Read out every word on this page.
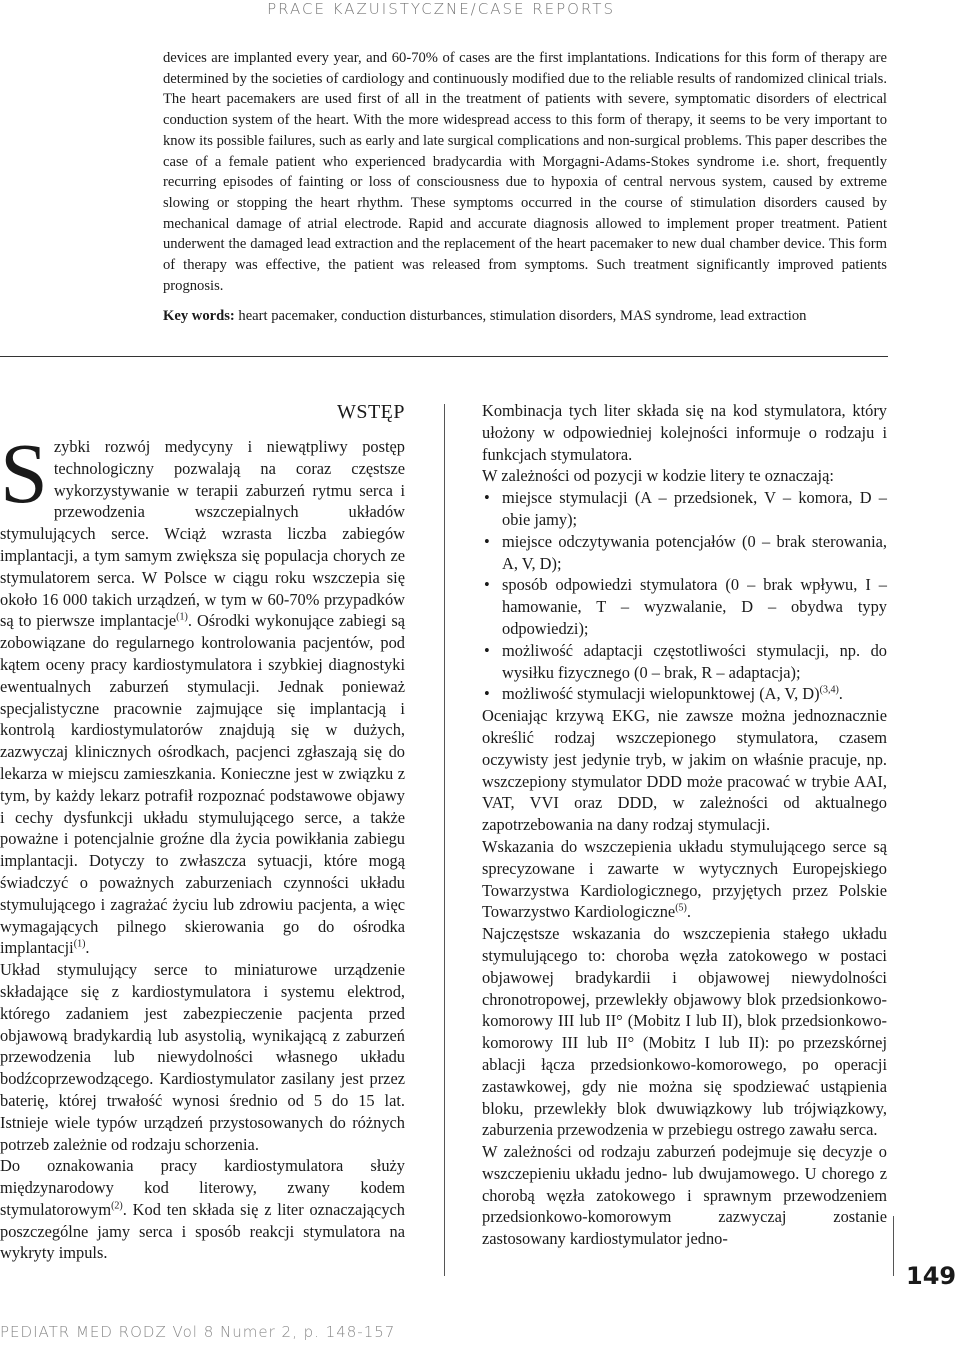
PRACE KAZUISTYCZNE/CASE REPORTS

devices are implanted every year, and 60-70% of cases are the first implantations. Indications for this form of therapy are determined by the societies of cardiology and continuously modified due to the reliable results of randomized clinical trials. The heart pacemakers are used first of all in the treatment of patients with severe, symptomatic disorders of electrical conduction system of the heart. With the more widespread access to this form of therapy, it seems to be very important to know its possible failures, such as early and late surgical complications and non-surgical problems. This paper describes the case of a female patient who experienced bradycardia with Morgagni-Adams-Stokes syndrome i.e. short, frequently recurring episodes of fainting or loss of consciousness due to hypoxia of central nervous system, caused by extreme slowing or stopping the heart rhythm. These symptoms occurred in the course of stimulation disorders caused by mechanical damage of atrial electrode. Rapid and accurate diagnosis allowed to implement proper treatment. Patient underwent the damaged lead extraction and the replacement of the heart pacemaker to new dual chamber device. This form of therapy was effective, the patient was released from symptoms. Such treatment significantly improved patients prognosis.

Key words: heart pacemaker, conduction disturbances, stimulation disorders, MAS syndrome, lead extraction

WSTĘP

Szybki rozwój medycyny i niewątpliwy postęp technologiczny pozwalają na coraz częstsze wykorzystywanie w terapii zaburzeń rytmu serca i przewodzenia wszczepialnych układów stymulujących serce. Wciąż wzrasta liczba zabiegów implantacji, a tym samym zwiększa się populacja chorych ze stymulatorem serca. W Polsce w ciągu roku wszczepia się około 16 000 takich urządzeń, w tym w 60-70% przypadków są to pierwsze implantacje$^{(1)}$. Ośrodki wykonujące zabiegi są zobowiązane do regularnego kontrolowania pacjentów, pod kątem oceny pracy kardiostymulatora i szybkiej diagnostyki ewentualnych zaburzeń stymulacji. Jednak ponieważ specjalistyczne pracownie zajmujące się implantacją i kontrolą kardiostymulatorów znajdują się w dużych, zazwyczaj klinicznych ośrodkach, pacjenci zgłaszają się do lekarza w miejscu zamieszkania. Konieczne jest w związku z tym, by każdy lekarz potrafił rozpoznać podstawowe objawy i cechy dysfunkcji układu stymulującego serce, a także poważne i potencjalnie groźne dla życia powikłania zabiegu implantacji. Dotyczy to zwłaszcza sytuacji, które mogą świadczyć o poważnych zaburzeniach czynności układu stymulującego i zagrażać życiu lub zdrowiu pacjenta, a więc wymagających pilnego skierowania go do ośrodka implantacji$^{(1)}$.

Układ stymulujący serce to miniaturowe urządzenie składające się z kardiostymulatora i systemu elektrod, którego zadaniem jest zabezpieczenie pacjenta przed objawową bradykardią lub asystolią, wynikającą z zaburzeń przewodzenia lub niewydolności własnego układu bodźcoprzewodzącego. Kardiostymulator zasilany jest przez baterię, której trwałość wynosi średnio od 5 do 15 lat. Istnieje wiele typów urządzeń przystosowanych do różnych potrzeb zależnie od rodzaju schorzenia.

Do oznakowania pracy kardiostymulatora służy międzynarodowy kod literowy, zwany kodem stymulatorowym$^{(2)}$. Kod ten składa się z liter oznaczających poszczególne jamy serca i sposób reakcji stymulatora na wykryty impuls.

Kombinacja tych liter składa się na kod stymulatora, który ułożony w odpowiedniej kolejności informuje o rodzaju i funkcjach stymulatora.

W zależności od pozycji w kodzie litery te oznaczają:

• miejsce stymulacji (A – przedsionek, V – komora, D – obie jamy);
• miejsce odczytywania potencjałów (0 – brak sterowania, A, V, D);
• sposób odpowiedzi stymulatora (0 – brak wpływu, I – hamowanie, T – wyzwalanie, D – obydwa typy odpowiedzi);
• możliwość adaptacji częstotliwości stymulacji, np. do wysiłku fizycznego (0 – brak, R – adaptacja);
• możliwość stymulacji wielopunktowej (A, V, D)$^{(3,4)}$.

Oceniając krzywą EKG, nie zawsze można jednoznacznie określić rodzaj wszczepionego stymulatora, czasem oczywisty jest jedynie tryb, w jakim on właśnie pracuje, np. wszczepiony stymulator DDD może pracować w trybie AAI, VAT, VVI oraz DDD, w zależności od aktualnego zapotrzebowania na dany rodzaj stymulacji.

Wskazania do wszczepienia układu stymulującego serce są sprecyzowane i zawarte w wytycznych Europejskiego Towarzystwa Kardiologicznego, przyjętych przez Polskie Towarzystwo Kardiologiczne$^{(5)}$.

Najczęstsze wskazania do wszczepienia stałego układu stymulującego to: choroba węzła zatokowego w postaci objawowej bradykardii i objawowej niewydolności chronotropowej, przewlekły objawowy blok przedsionkowo-komorowy III lub II° (Mobitz I lub II), blok przedsionkowo-komorowy III lub II° (Mobitz I lub II): po przezskórnej ablacji łącza przedsionkowo-komorowego, po operacji zastawkowej, gdy nie można się spodziewać ustąpienia bloku, przewlekły blok dwuwiązkowy lub trójwiązkowy, zaburzenia przewodzenia w przebiegu ostrego zawału serca.

W zależności od rodzaju zaburzeń podejmuje się decyzje o wszczepieniu układu jedno- lub dwujamowego. U chorego z chorobą węzła zatokowego i sprawnym przewodzeniem przedsionkowo-komorowym zazwyczaj zostanie zastosowany kardiostymulator jedno-

149
PEDIATR MED RODZ Vol 8 Numer 2, p. 148-157
